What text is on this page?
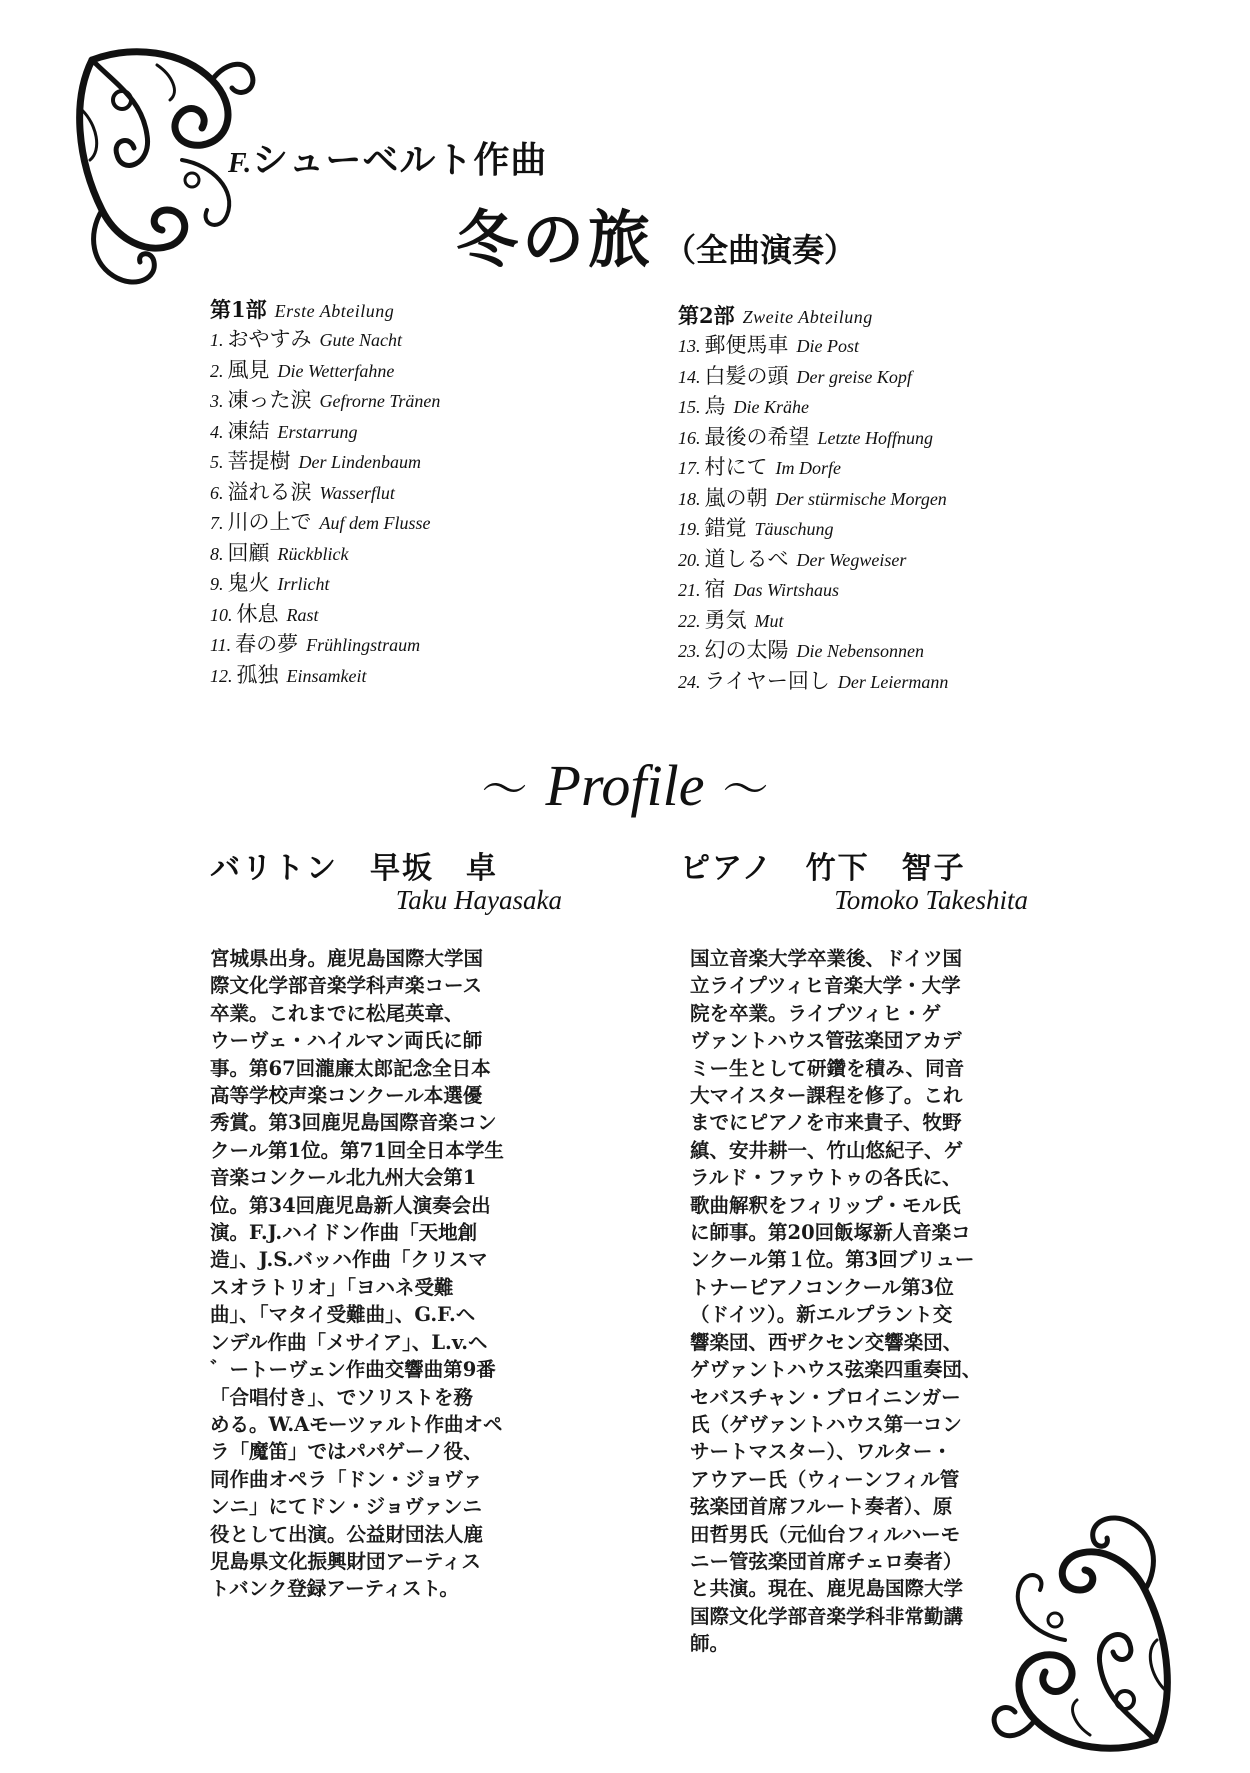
F.シューベルト作曲
冬の旅 （全曲演奏）
第1部 Erste Abteilung
1. おやすみ Gute Nacht
2. 風見 Die Wetterfahne
3. 凍った涙 Gefrorne Tränen
4. 凍結 Erstarrung
5. 菩提樹 Der Lindenbaum
6. 溢れる涙 Wasserflut
7. 川の上で Auf dem Flusse
8. 回顧 Rückblick
9. 鬼火 Irrlicht
10. 休息 Rast
11. 春の夢 Frühlingstraum
12. 孤独 Einsamkeit
第2部 Zweite Abteilung
13. 郵便馬車 Die Post
14. 白髪の頭 Der greise Kopf
15. 烏 Die Krähe
16. 最後の希望 Letzte Hoffnung
17. 村にて Im Dorfe
18. 嵐の朝 Der stürmische Morgen
19. 錯覚 Täuschung
20. 道しるべ Der Wegweiser
21. 宿 Das Wirtshaus
22. 勇気 Mut
23. 幻の太陽 Die Nebensonnen
24. ライヤー回し Der Leiermann
～ Profile ～
バリトン　早坂　卓
Taku Hayasaka
宮城県出身。鹿児島国際大学国
際文化学部音楽学科声楽コース
卒業。これまでに松尾英章、
ウーヴェ・ハイルマン両氏に師
事。第67回瀧廉太郎記念全日本
高等学校声楽コンクール本選優
秀賞。第3回鹿児島国際音楽コン
クール第1位。第71回全日本学生
音楽コンクール北九州大会第1
位。第34回鹿児島新人演奏会出
演。F.J.ハイドン作曲「天地創
造」、J.S.バッハ作曲「クリスマ
スオラトリオ」「ヨハネ受難
曲」、「マタイ受難曲」、G.F.ヘ
ンデル作曲「メサイア」、L.v.ヘ
゛ートーヴェン作曲交響曲第9番
「合唱付き」、でソリストを務
める。W.Aモーツァルト作曲オペ
ラ「魔笛」ではパパゲーノ役、
同作曲オペラ「ドン・ジョヴァ
ンニ」にてドン・ジョヴァンニ
役として出演。公益財団法人鹿
児島県文化振興財団アーティス
トバンク登録アーティスト。
ピアノ　竹下　智子
Tomoko Takeshita
国立音楽大学卒業後、ドイツ国
立ライプツィヒ音楽大学・大学
院を卒業。ライプツィヒ・ゲ
ヴァントハウス管弦楽団アカデ
ミー生として研鑽を積み、同音
大マイスター課程を修了。これ
までにピアノを市来貴子、牧野
縝、安井耕一、竹山悠紀子、ゲ
ラルド・ファウトゥの各氏に、
歌曲解釈をフィリップ・モル氏
に師事。第20回飯塚新人音楽コ
ンクール第１位。第3回ブリュー
トナーピアノコンクール第3位
（ドイツ）。新エルプラント交
響楽団、西ザクセン交響楽団、
ゲヴァントハウス弦楽四重奏団、
セバスチャン・ブロイニンガー
氏（ゲヴァントハウス第一コン
サートマスター）、ワルター・
アウアー氏（ウィーンフィル管
弦楽団首席フルート奏者）、原
田哲男氏（元仙台フィルハーモ
ニー管弦楽団首席チェロ奏者）
と共演。現在、鹿児島国際大学
国際文化学部音楽学科非常勤講
師。
